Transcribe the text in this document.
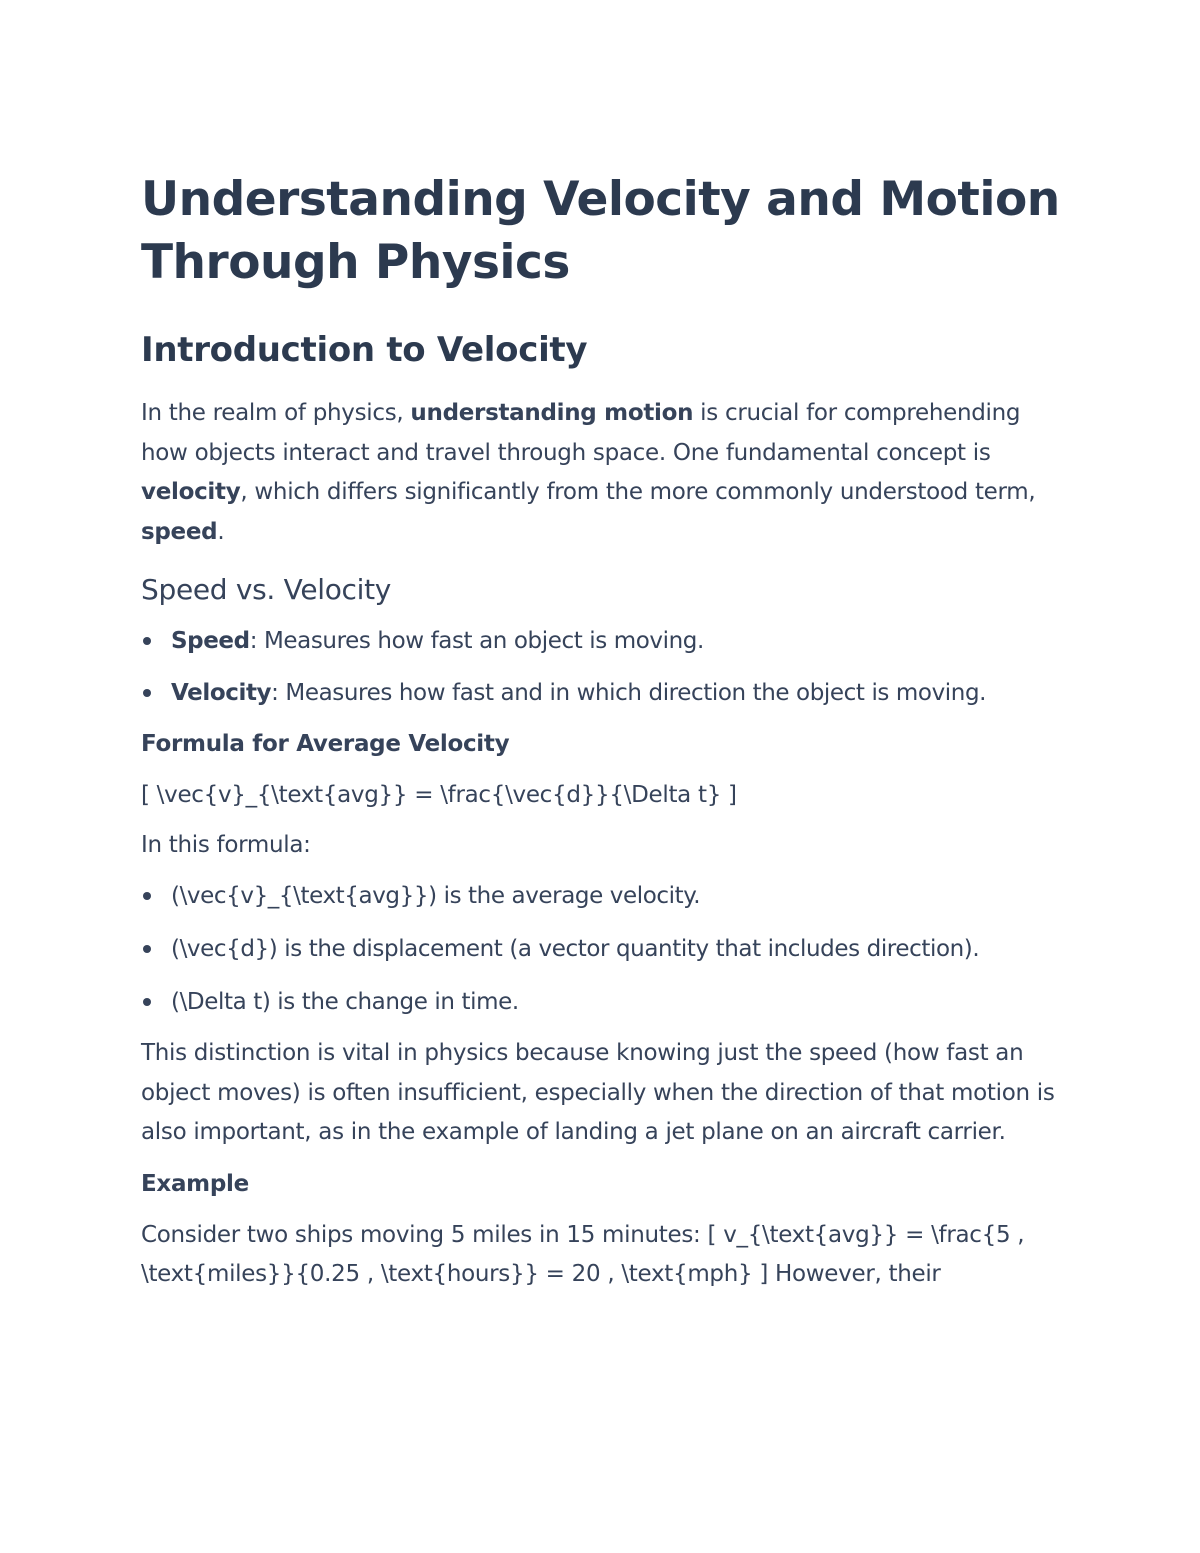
Understanding Velocity and Motion Through Physics
Introduction to Velocity

In the realm of physics, understanding motion is crucial for comprehending how objects interact and travel through space. One fundamental concept is velocity, which differs significantly from the more commonly understood term, speed.

Speed vs. Velocity
Speed: Measures how fast an object is moving.
Velocity: Measures how fast and in which direction the object is moving.
Formula for Average Velocity

[ \vec{v}_{\text{avg}} = \frac{\vec{d}}{\Delta t} ]

In this formula:

(\vec{v}_{\text{avg}}) is the average velocity.
(\vec{d}) is the displacement (a vector quantity that includes direction).
(\Delta t) is the change in time.

This distinction is vital in physics because knowing just the speed (how fast an object moves) is often insufficient, especially when the direction of that motion is also important, as in the example of landing a jet plane on an aircraft carrier.

Example

Consider two ships moving 5 miles in 15 minutes: [ v_{\text{avg}} = \frac{5 , \text{miles}}{0.25 , \text{hours}} = 20 , \text{mph} ] However, their
